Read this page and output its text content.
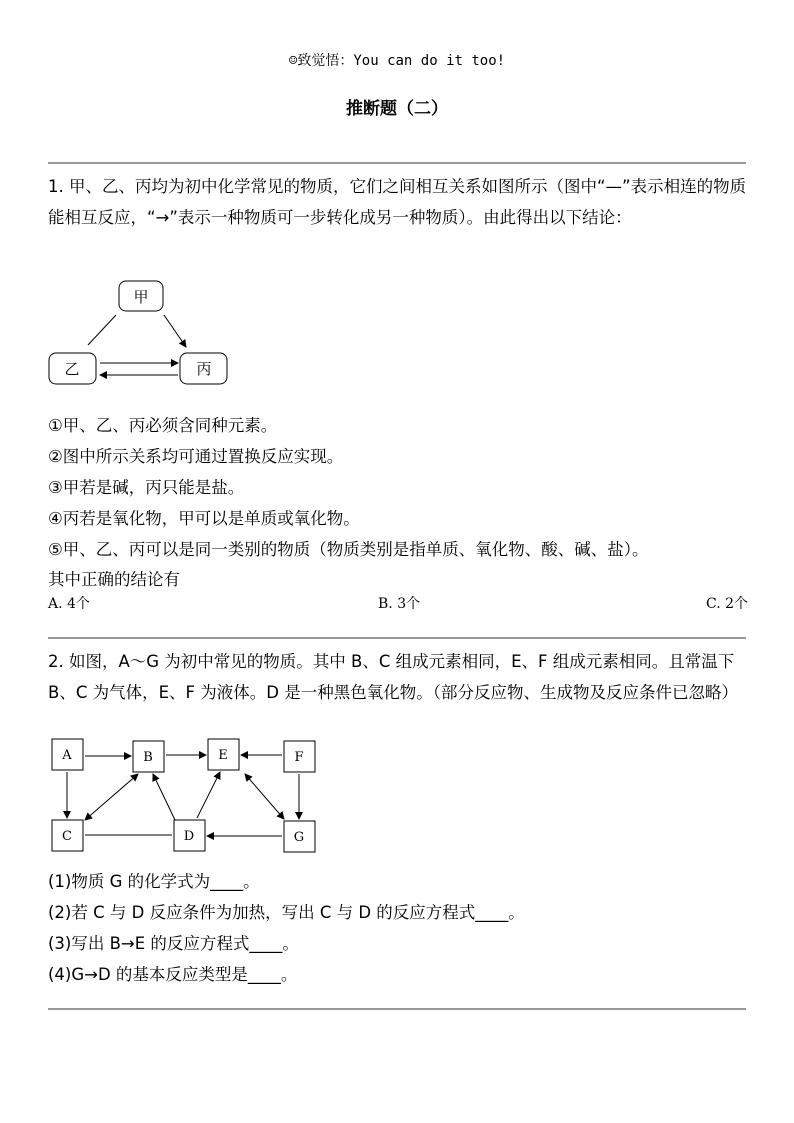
☺致觉悟：You can do it too!
推断题（二）
1. 甲、乙、丙均为初中化学常见的物质，它们之间相互关系如图所示（图中“—”表示相连的物质能相互反应，“→”表示一种物质可一步转化成另一种物质）。由此得出以下结论：
甲
乙	丙
①甲、乙、丙必须含同种元素。
②图中所示关系均可通过置换反应实现。
③甲若是碱，丙只能是盐。
④丙若是氧化物，甲可以是单质或氧化物。
⑤甲、乙、丙可以是同一类别的物质（物质类别是指单质、氧化物、酸、碱、盐）。
其中正确的结论有
A. 4个	B. 3个	C. 2个
2. 如图，A～G 为初中常见的物质。其中 B、C 组成元素相同，E、F 组成元素相同。且常温下 B、C 为气体，E、F 为液体。D 是一种黑色氧化物。（部分反应物、生成物及反应条件已忽略）
A	B	E	F
C	D	G
(1)物质 G 的化学式为____。
(2)若 C 与 D 反应条件为加热，写出 C 与 D 的反应方程式____。
(3)写出 B→E 的反应方程式____。
(4)G→D 的基本反应类型是____。
